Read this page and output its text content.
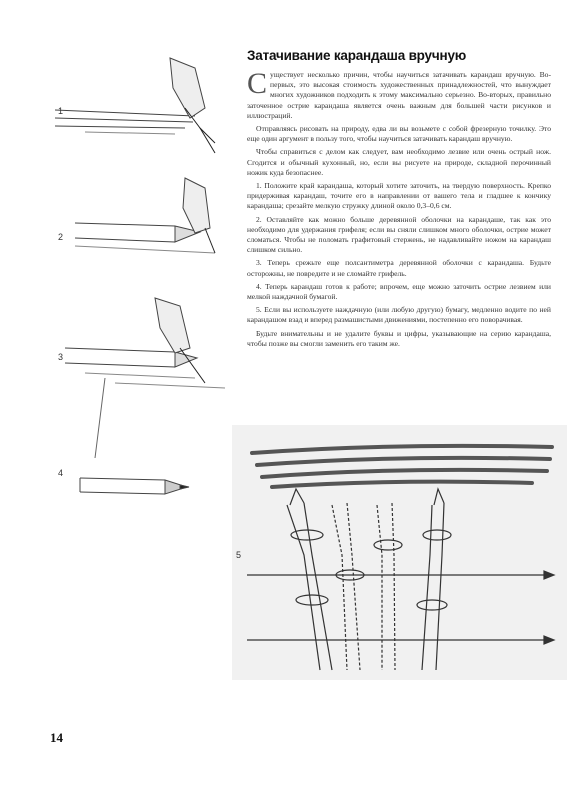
1
2
3
4
Затачивание карандаша вручную

Существует несколько причин, чтобы научиться затачивать карандаш вручную. Во-первых, это высокая стоимость художественных принадлежностей, что вынуждает многих художников подходить к этому максимально серьезно. Во-вторых, правильно заточенное острие карандаша является очень важным для большей части рисунков и иллюстраций.

Отправляясь рисовать на природу, едва ли вы возьмете с собой фрезерную точилку. Это еще один аргумент в пользу того, чтобы научиться затачивать карандаш вручную.

Чтобы справиться с делом как следует, вам необходимо лезвие или очень острый нож. Сгодится и обычный кухонный, но, если вы рисуете на природе, складной перочинный ножик куда безопаснее.

1. Положите край карандаша, который хотите заточить, на твердую поверхность. Крепко придерживая карандаш, точите его в направлении от вашего тела и гладшее к кончику карандаша; срезайте мелкую стружку длиной около 0,3–0,6 см.

2. Оставляйте как можно больше деревянной оболочки на карандаше, так как это необходимо для удержания грифеля; если вы сняли слишком много оболочки, острие может сломаться. Чтобы не поломать графитовый стержень, не надавливайте ножом на карандаш слишком сильно.

3. Теперь срежьте еще полсантиметра деревянной оболочки с карандаша. Будьте осторожны, не повредите и не сломайте грифель.

4. Теперь карандаш готов к работе; впрочем, еще можно заточить острие лезвием или мелкой наждачной бумагой.

5. Если вы используете наждачную (или любую другую) бумагу, медленно водите по ней карандашом взад и вперед размашистыми движениями, постепенно его поворачивая.

Будьте внимательны и не удалите буквы и цифры, указывающие на серию карандаша, чтобы позже вы смогли заменить его таким же.

5
14
